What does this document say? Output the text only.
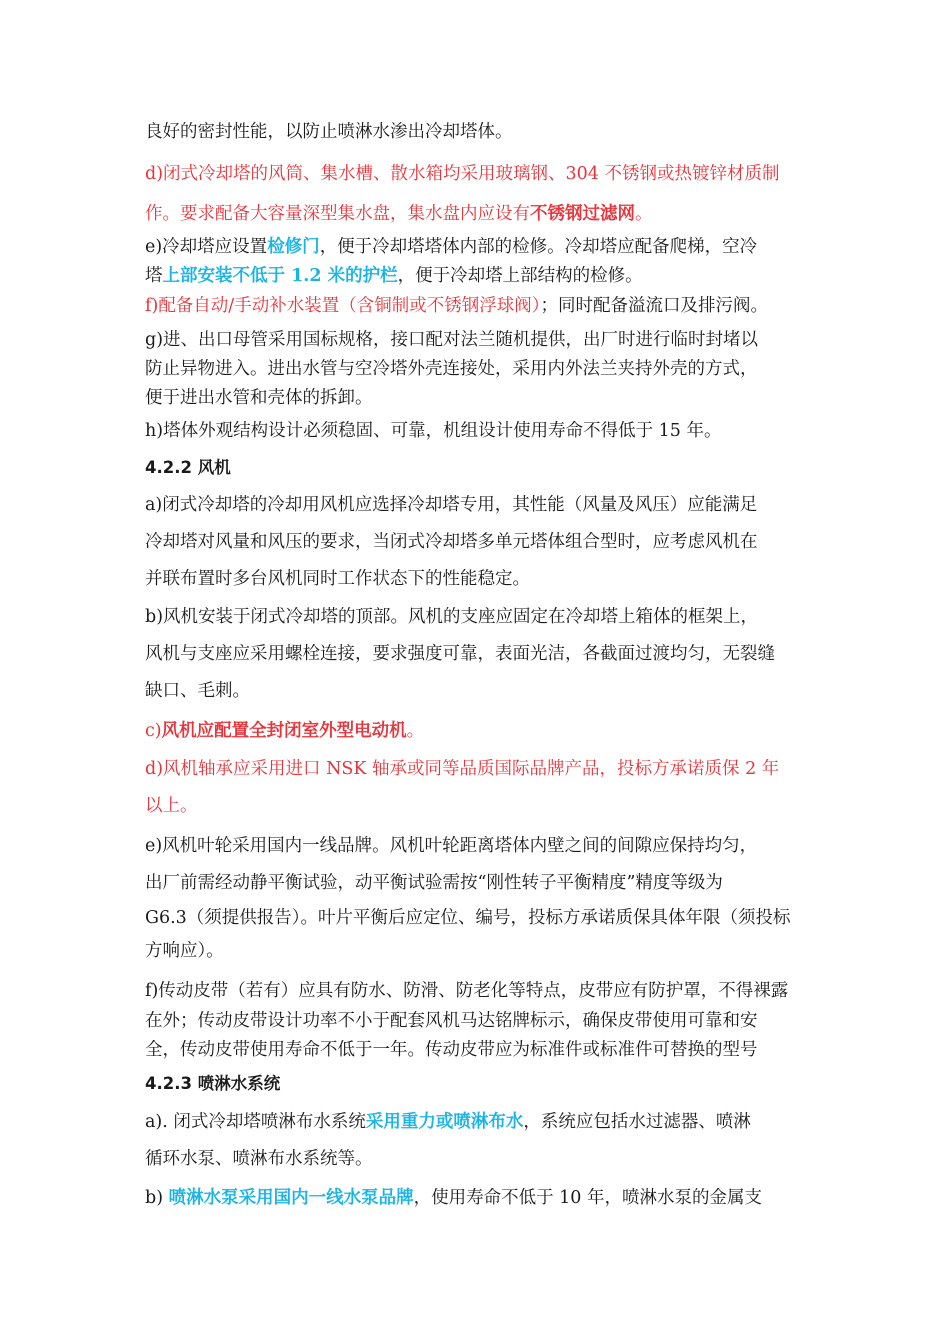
良好的密封性能，以防止喷淋水渗出冷却塔体。

d)闭式冷却塔的风筒、集水槽、散水箱均采用玻璃钢、304 不锈钢或热镀锌材质制

作。要求配备大容量深型集水盘，集水盘内应设有不锈钢过滤网。

e)冷却塔应设置检修门，便于冷却塔塔体内部的检修。冷却塔应配备爬梯，空冷

塔上部安装不低于 1.2 米的护栏，便于冷却塔上部结构的检修。

f)配备自动/手动补水装置（含铜制或不锈钢浮球阀）；同时配备溢流口及排污阀。

g)进、出口母管采用国标规格，接口配对法兰随机提供，出厂时进行临时封堵以

防止异物进入。进出水管与空冷塔外壳连接处，采用内外法兰夹持外壳的方式，

便于进出水管和壳体的拆卸。

h)塔体外观结构设计必须稳固、可靠，机组设计使用寿命不得低于 15 年。

4.2.2 风机

a)闭式冷却塔的冷却用风机应选择冷却塔专用，其性能（风量及风压）应能满足

冷却塔对风量和风压的要求，当闭式冷却塔多单元塔体组合型时，应考虑风机在

并联布置时多台风机同时工作状态下的性能稳定。

b)风机安装于闭式冷却塔的顶部。风机的支座应固定在冷却塔上箱体的框架上，

风机与支座应采用螺栓连接，要求强度可靠，表面光洁，各截面过渡均匀，无裂缝

缺口、毛刺。

c)风机应配置全封闭室外型电动机。

d)风机轴承应采用进口 NSK 轴承或同等品质国际品牌产品，投标方承诺质保 2 年

以上。

e)风机叶轮采用国内一线品牌。风机叶轮距离塔体内壁之间的间隙应保持均匀，

出厂前需经动静平衡试验，动平衡试验需按“刚性转子平衡精度”精度等级为

G6.3（须提供报告）。叶片平衡后应定位、编号，投标方承诺质保具体年限（须投标

方响应）。

f)传动皮带（若有）应具有防水、防滑、防老化等特点，皮带应有防护罩，不得裸露

在外；传动皮带设计功率不小于配套风机马达铭牌标示，确保皮带使用可靠和安

全，传动皮带使用寿命不低于一年。传动皮带应为标准件或标准件可替换的型号

4.2.3 喷淋水系统

a). 闭式冷却塔喷淋布水系统采用重力或喷淋布水，系统应包括水过滤器、喷淋

循环水泵、喷淋布水系统等。

b) 喷淋水泵采用国内一线水泵品牌，使用寿命不低于 10 年，喷淋水泵的金属支
